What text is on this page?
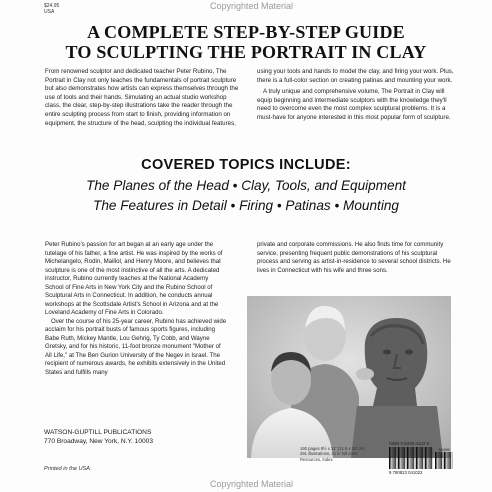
$24.95
USA
Copyrighted Material
A COMPLETE STEP-BY-STEP GUIDE
TO SCULPTING THE PORTRAIT IN CLAY

From renowned sculptor and dedicated teacher Peter Rubino, The Portrait in Clay not only teaches the fundamentals of portrait sculpture but also demonstrates how artists can express themselves through the use of tools and their hands. Simulating an actual studio workshop class, the clear, step-by-step illustrations take the reader through the entire sculpting process from start to finish, providing information on equipment, the structure of the head, sculpting the individual features,

using your tools and hands to model the clay, and firing your work. Plus, there is a full-color section on creating patinas and mounting your work.

A truly unique and comprehensive volume, The Portrait in Clay will equip beginning and intermediate sculptors with the knowledge they'll need to overcome even the most complex sculptural problems. It is a must-have for anyone interested in this most popular form of sculpture.

COVERED TOPICS INCLUDE:
The Planes of the Head • Clay, Tools, and Equipment
The Features in Detail • Firing • Patinas • Mounting

Peter Rubino's passion for art began at an early age under the tutelage of his father, a fine artist. He was inspired by the works of Michelangelo, Rodin, Maillol, and Henry Moore, and believes that sculpture is one of the most instinctive of all the arts. A dedicated instructor, Rubino currently teaches at the National Academy School of Fine Arts in New York City and the Rubino School of Sculptural Arts in Connecticut. In addition, he conducts annual workshops at the Scottsdale Artist's School in Arizona and at the Loveland Academy of Fine Arts in Colorado.

Over the course of his 25-year career, Rubino has achieved wide acclaim for his portrait busts of famous sports figures, including Babe Ruth, Mickey Mantle, Lou Gehrig, Ty Cobb, and Wayne Gretsky, and for his historic, 11-foot bronze monument "Mother of All Life," at The Ben Gurion University of the Negev in Israel. The recipient of numerous awards, he exhibits extensively in the United States and fulfills many

private and corporate commissions. He also finds time for community service, presenting frequent public demonstrations of his sculptural process and serving as artist-in-residence to several school districts. He lives in Connecticut with his wife and three sons.

WATSON-GUPTILL PUBLICATIONS
770 Broadway, New York, N.Y. 10003
Printed in the USA
160 pages 8½ x 11" (21.6 x 28 cm)
291 illustrations, 31 in full color
Resources, Index
ISBN 0-8230-4102-6
52495
9 780823 041022
Copyrighted Material
